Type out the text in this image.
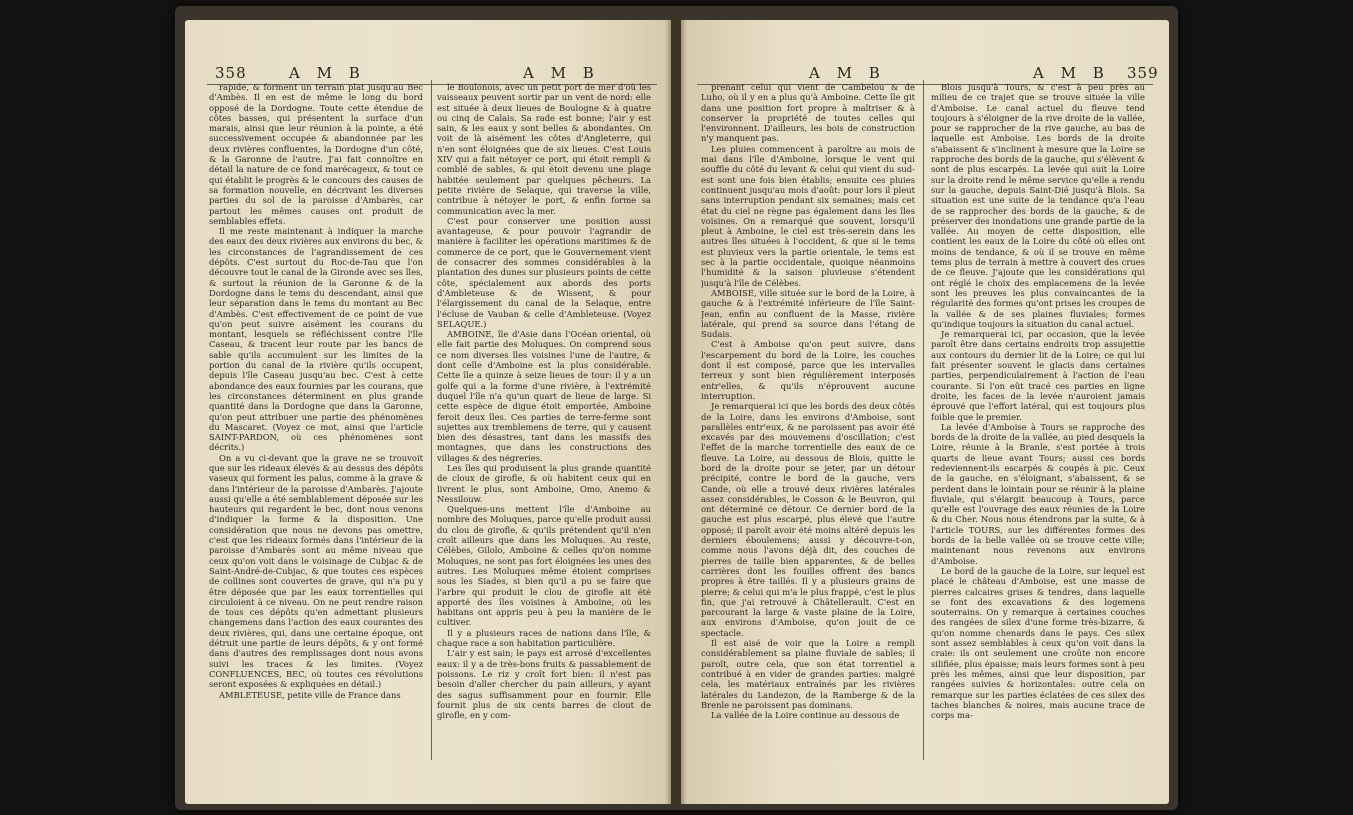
358	A M B	A M B

rapide, & forment un terrain plat jusqu'au Bec d'Ambès. Il en est de même le long du bord opposé de la Dordogne. Toute cette étendue de côtes basses, qui présentent la surface d'un marais, ainsi que leur réunion à la pointe, a été successivement occupée & abandonnée par les deux rivières confluentes, la Dordogne d'un côté, & la Garonne de l'autre. J'ai fait connoître en détail la nature de ce fond marécageux, & tout ce qui établit le progrès & le concours des causes de sa formation nouvelle, en décrivant les diverses parties du sol de la paroisse d'Ambarès, car partout les mêmes causes ont produit de semblables effets.

Il me reste maintenant à indiquer la marche des eaux des deux rivières aux environs du bec, & les circonstances de l'agrandissement de ces dépôts. C'est surtout du Roc-de-Tau que l'on découvre tout le canal de la Gironde avec ses îles, & surtout la réunion de la Garonne & de la Dordogne dans le tems du descendant, ainsi que leur séparation dans le tems du montant au Bec d'Ambès. C'est effectivement de ce point de vue qu'on peut suivre aisément les courans du montant, lesquels se réfléchissent contre l'île Caseau, & tracent leur route par les bancs de sable qu'ils accumulent sur les limites de la portion du canal de la rivière qu'ils occupent, depuis l'île Caseau jusqu'au bec. C'est à cette abondance des eaux fournies par les courans, que les circonstances déterminent en plus grande quantité dans la Dordogne que dans la Garonne, qu'on peut attribuer une partie des phénomènes du Mascaret. (Voyez ce mot, ainsi que l'article SAINT-PARDON, où ces phénomènes sont décrits.)

On a vu ci-devant que la grave ne se trouvoit que sur les rideaux élevés & au dessus des dépôts vaseux qui forment les palus, comme à la grave & dans l'intérieur de la paroisse d'Ambarès. J'ajoute aussi qu'elle a été semblablement déposée sur les hauteurs qui regardent le bec, dont nous venons d'indiquer la forme & la disposition. Une considération que nous ne devons pas omettre, c'est que les rideaux formés dans l'intérieur de la paroisse d'Ambarès sont au même niveau que ceux qu'on voit dans le voisinage de Cubjac & de Saint-André-de-Cubjac, & que toutes ces espèces de collines sont couvertes de grave, qui n'a pu y être déposée que par les eaux torrentielles qui circuloient à ce niveau. On ne peut rendre raison de tous ces dépôts qu'en admettant plusieurs changemens dans l'action des eaux courantes des deux rivières, qui, dans une certaine époque, ont détruit une partie de leurs dépôts, & y ont formé dans d'autres des remplissages dont nous avons suivi les traces & les limites. (Voyez CONFLUENCES, BEC, où toutes ces révolutions seront exposées & expliquées en détail.)

AMBLETEUSE, petite ville de France dans

le Boulonois, avec un petit port de mer d'où les vaisseaux peuvent sortir par un vent de nord: elle est située à deux lieues de Boulogne & à quatre ou cinq de Calais. Sa rade est bonne; l'air y est sain, & les eaux y sont belles & abondantes. On voit de là aisément les côtes d'Angleterre, qui n'en sont éloignées que de six lieues. C'est Louis XIV qui a fait nétoyer ce port, qui étoit rempli & comblé de sables, & qui étoit devenu une plage habitée seulement par quelques pêcheurs. La petite rivière de Selaque, qui traverse la ville, contribue à nétoyer le port, & enfin forme sa communication avec la mer.

C'est pour conserver une position aussi avantageuse, & pour pouvoir l'agrandir de manière à faciliter les opérations maritimes & de commerce de ce port, que le Gouvernement vient de consacrer des sommes considérables à la plantation des dunes sur plusieurs points de cette côte, spécialement aux abords des ports d'Ambleteuse & de Wissent, & pour l'élargissement du canal de la Selaque, entre l'écluse de Vauban & celle d'Ambleteuse. (Voyez SELAQUE.)

AMBOINE, île d'Asie dans l'Océan oriental, où elle fait partie des Moluques. On comprend sous ce nom diverses îles voisines l'une de l'autre, & dont celle d'Amboine est la plus considérable. Cette île a quinze à seize lieues de tour: il y a un golfe qui a la forme d'une rivière, à l'extrémité duquel l'île n'a qu'un quart de lieue de large. Si cette espèce de digue étoit emportée, Amboine feroit deux îles. Ces parties de terre-ferme sont sujettes aux tremblemens de terre, qui y causent bien des désastres, tant dans les massifs des montagnes, que dans les constructions des villages & des négreries.

Les îles qui produisent la plus grande quantité de cloux de girofle, & où habitent ceux qui en livrent le plus, sont Amboine, Omo, Anemo & Nessilouw.

Quelques-uns mettent l'île d'Amboine au nombre des Moluques, parce qu'elle produit aussi du clou de girofle, & qu'ils prétendent qu'il n'en croît ailleurs que dans les Moluques. Au reste, Célèbes, Gilolo, Amboine & celles qu'on nomme Moluques, ne sont pas fort éloignées les unes des autres. Les Moluques même étoient comprises sous les Siades, si bien qu'il a pu se faire que l'arbre qui produit le clou de girofle ait été apporté des îles voisines à Amboine, où les habitans ont appris peu à peu la manière de le cultiver.

Il y a plusieurs races de nations dans l'île, & chaque race a son habitation particulière.

L'air y est sain; le pays est arrosé d'excellentes eaux: il y a de très-bons fruits & passablement de poissons. Le riz y croît fort bien: il n'est pas besoin d'aller chercher du pain ailleurs, y ayant des sagus suffisamment pour en fournir. Elle fournit plus de six cents barres de clout de girofle, en y com-

A M B	A M B 359

prenant celui qui vient de Cambelou & de Luho, où il y en a plus qu'à Amboine. Cette île git dans une position fort propre à maîtriser & à conserver la propriété de toutes celles qui l'environnent. D'ailleurs, les bois de construction n'y manquent pas.

Les pluies commencent à paroître au mois de mai dans l'île d'Amboine, lorsque le vent qui souffle du côté du levant & celui qui vient du sud-est sont une fois bien établis; ensuite ces pluies continuent jusqu'au mois d'août: pour lors il pleut sans interruption pendant six semaines; mais cet état du ciel ne règne pas également dans les îles voisines. On a remarqué que souvent, lorsqu'il pleut à Amboine, le ciel est très-serein dans les autres îles situées à l'occident, & que si le tems est pluvieux vers la partie orientale, le tems est sec à la partie occidentale, quoique néanmoins l'humidité & la saison pluvieuse s'étendent jusqu'à l'île de Célèbes.

AMBOISE, ville située sur le bord de la Loire, à gauche & à l'extrémité inférieure de l'île Saint-Jean, enfin au confluent de la Masse, rivière latérale, qui prend sa source dans l'étang de Sudais.

C'est à Amboise qu'on peut suivre, dans l'escarpement du bord de la Loire, les couches dont il est composé, parce que les intervalles terreux y sont bien régulièrement interposés entr'elles, & qu'ils n'éprouvent aucune interruption.

Je remarquerai ici que les bords des deux côtés de la Loire, dans les environs d'Amboise, sont parallèles entr'eux, & ne paroissent pas avoir été excavés par des mouvemens d'oscillation; c'est l'effet de la marche torrentielle des eaux de ce fleuve. La Loire, au dessous de Blois, quitte le bord de la droite pour se jeter, par un détour précipité, contre le bord de la gauche, vers Cande, où elle a trouvé deux rivières latérales assez considérables, le Cosson & le Beuvron, qui ont déterminé ce détour. Ce dernier bord de la gauche est plus escarpé, plus élevé que l'autre opposé; il paroît avoir été moins altéré depuis les derniers éboulemens; aussi y découvre-t-on, comme nous l'avons déjà dit, des couches de pierres de taille bien apparentes, & de belles carrières dont les fouilles offrent des bancs propres à être taillés. Il y a plusieurs grains de pierre; & celui qui m'a le plus frappé, c'est le plus fin, que j'ai retrouvé à Châtellerault. C'est en parcourant la large & vaste plaine de la Loire, aux environs d'Amboise, qu'on jouit de ce spectacle.

Il est aisé de voir que la Loire a rempli considérablement sa plaine fluviale de sables; il paroît, outre cela, que son état torrentiel a contribué à en vider de grandes parties: malgré cela, les matériaux entraînés par les rivières latérales du Landezon, de la Ramberge & de la Brenle ne paroissent pas dominans.

La vallée de la Loire continue au dessous de

Blois jusqu'à Tours, & c'est à peu près au milieu de ce trajet que se trouve située la ville d'Amboise. Le canal actuel du fleuve tend toujours à s'éloigner de la rive droite de la vallée, pour se rapprocher de la rive gauche, au bas de laquelle est Amboise. Les bords de la droite s'abaissent & s'inclinent à mesure que la Loire se rapproche des bords de la gauche, qui s'élèvent & sont de plus escarpés. La levée qui suit la Loire sur la droite rend le même service qu'elle a rendu sur la gauche, depuis Saint-Dié jusqu'à Blois. Sa situation est une suite de la tendance qu'a l'eau de se rapprocher des bords de la gauche, & de préserver des inondations une grande partie de la vallée. Au moyen de cette disposition, elle contient les eaux de la Loire du côté où elles ont moins de tendance, & où il se trouve en même tems plus de terrain à mettre à couvert des crues de ce fleuve. J'ajoute que les considérations qui ont réglé le choix des emplacemens de la levée sont les preuves les plus convaincantes de la régularité des formes qu'ont prises les croupes de la vallée & de ses plaines fluviales; formes qu'indique toujours la situation du canal actuel.

Je remarquerai ici, par occasion, que la levée paroît être dans certains endroits trop assujettie aux contours du dernier lit de la Loire; ce qui lui fait présenter souvent le glacis dans certaines parties, perpendiculairement à l'action de l'eau courante. Si l'on eût tracé ces parties en ligne droite, les faces de la levée n'auroient jamais éprouvé que l'effort latéral, qui est toujours plus foible que le premier.

La levée d'Amboise à Tours se rapproche des bords de la droite de la vallée, au pied desquels la Loire, réunie à la Branle, s'est portée à trois quarts de lieue avant Tours; aussi ces bords redeviennent-ils escarpés & coupés à pic. Ceux de la gauche, en s'éloignant, s'abaissent, & se perdent dans le lointain pour se réunir à la plaine fluviale, qui s'élargit beaucoup à Tours, parce qu'elle est l'ouvrage des eaux réunies de la Loire & du Cher. Nous nous étendrons par la suite, & à l'article TOURS, sur les différentes formes des bords de la belle vallée où se trouve cette ville; maintenant nous revenons aux environs d'Amboise.

Le bord de la gauche de la Loire, sur lequel est placé le château d'Amboise, est une masse de pierres calcaires grises & tendres, dans laquelle se font des excavations & des logemens souterrains. On y remarque à certaines couches des rangées de silex d'une forme très-bizarre, & qu'on nomme chenards dans le pays. Ces silex sont assez semblables à ceux qu'on voit dans la craie: ils ont seulement une croûte non encore silifiée, plus épaisse; mais leurs formes sont à peu près les mêmes, ainsi que leur disposition, par rangées suivies & horizontales: outre cela on remarque sur les parties éclatées de ces silex des taches blanches & noires, mais aucune trace de corps ma-
